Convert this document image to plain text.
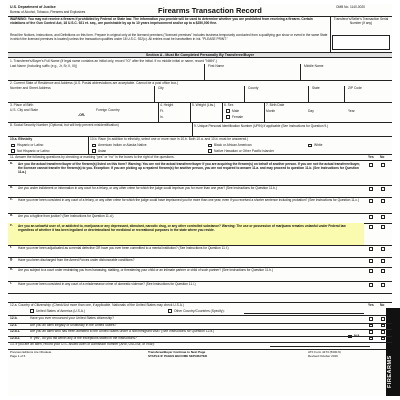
U.S. Department of Justice
Bureau of Alcohol, Tobacco, Firearms and Explosives	Firearms Transaction Record	OMB No. 1140-0020
WARNING: You may not receive a firearm if prohibited by Federal or State law. The information you provide will be used to determine whether you are prohibited from receiving a firearm. Certain violations of the Gun Control Act, 18 U.S.C. 921 et. seq., are punishable by up to 10 years imprisonment and/or up to a $250,000 fine.
Transferor's/Seller's Transaction Serial Number (If any)
Read the Notices, Instructions, and Definitions on this form. Prepare in original only at the licensed premises ("licensed premises" includes business temporarily conducted from a qualifying gun show or event in the same State in which the licensed premises is located) unless the transaction qualifies under 18 U.S.C. 922(c). All entries must be handwritten in ink. "PLEASE PRINT."
Section A - Must Be Completed Personally By Transferee/Buyer
1. Transferee's/Buyer's Full Name (If legal name contains an initial only, record "IO" after the initial. If no middle initial or name, record "NMN".)
Last Name (Including suffix (e.g., Jr, Sr, II, III))	First Name	Middle Name
2. Current State of Residence and Address (U.S. Postal abbreviations are acceptable. Cannot be a post office box.)
Number and Street Address	City	County	State	ZIP Code
3. Place of Birth
U.S. City and State
-OR-
Foreign Country
4. Height
Ft.
In.
5. Weight (Lbs.)	6. Sex
Male
Female
7. Birth Date
Month	Day	Year
8. Social Security Number (Optional, but will help prevent misidentification)	9. Unique Personal Identification Number (UPIN) if applicable (See Instructions for Question 9.)
10.a. Ethnicity
Hispanic or Latino
Not Hispanic or Latino
10.b. Race (In addition to ethnicity, select one or more race in 10.b. Both 10.a. and 10.b. must be answered.)
American Indian or Alaska Native	Black or African American	White
Asian	Native Hawaiian or Other Pacific Islander
11. Answer the following questions by checking or marking "yes" or "no" in the boxes to the right of the questions.	Yes No
12.a. Country of Citizenship: (Check/List more than one, if applicable. Nationals of the United States may check U.S.A.)
United States of America (U.S.A.)	Other Country/Countries (Specify):
Yes No
N/A
13. If you are an alien, record your U.S.-Issued Alien or Admission number (AR#, USCIS#, or I94#):
Previous Editions Are Obsolete
Page 1 of 6
Transferee/Buyer Continue to Next Page
STAPLE IF PAGES BECOME SEPARATED
ATF Form 4473 (5300.9)
Revised October 2016	FIREARMS
a. Are you the actual transferee/buyer of the firearm(s) listed on this form? Warning: You are not the actual transferee/buyer if you are acquiring the firearm(s) on behalf of another person. If you are not the actual transferee/buyer, the licensee cannot transfer the firearm(s) to you. Exception: If you are picking up a repaired firearm(s) for another person, you are not required to answer 11.a. and may proceed to question 11.b. (See Instructions for Question 11.a.)
b. Are you under indictment or information in any court for a felony, or any other crime for which the judge could imprison you for more than one year? (See Instructions for Question 11.b.)
c. Have you ever been convicted in any court of a felony, or any other crime for which the judge could have imprisoned you for more than one year, even if you received a shorter sentence including probation? (See Instructions for Question 11.c.)
d. Are you a fugitive from justice? (See Instructions for Question 11.d.)
e. Are you an unlawful user of, or addicted to, marijuana or any depressant, stimulant, narcotic drug, or any other controlled substance? Warning: The use or possession of marijuana remains unlawful under Federal law regardless of whether it has been legalized or decriminalized for medicinal or recreational purposes in the state where you reside.
f. Have you ever been adjudicated as a mental defective OR have you ever been committed to a mental institution? (See Instructions for Question 11.f.)
g. Have you been discharged from the Armed Forces under dishonorable conditions?
h. Are you subject to a court order restraining you from harassing, stalking, or threatening your child or an intimate partner or child of such partner? (See Instructions for Question 11.h.)
i. Have you ever been convicted in any court of a misdemeanor crime of domestic violence? (See Instructions for Question 11.i.)
12.b.	Have you ever renounced your United States citizenship?
12.c.	Are you an alien illegally or unlawfully in the United States?
12.d.1.	Are you an alien who has been admitted to the United States under a nonimmigrant visa? (See Instructions for Question 12.d.)
12.d.2.	If "yes", do you fall within any of the exceptions stated in the instructions?
